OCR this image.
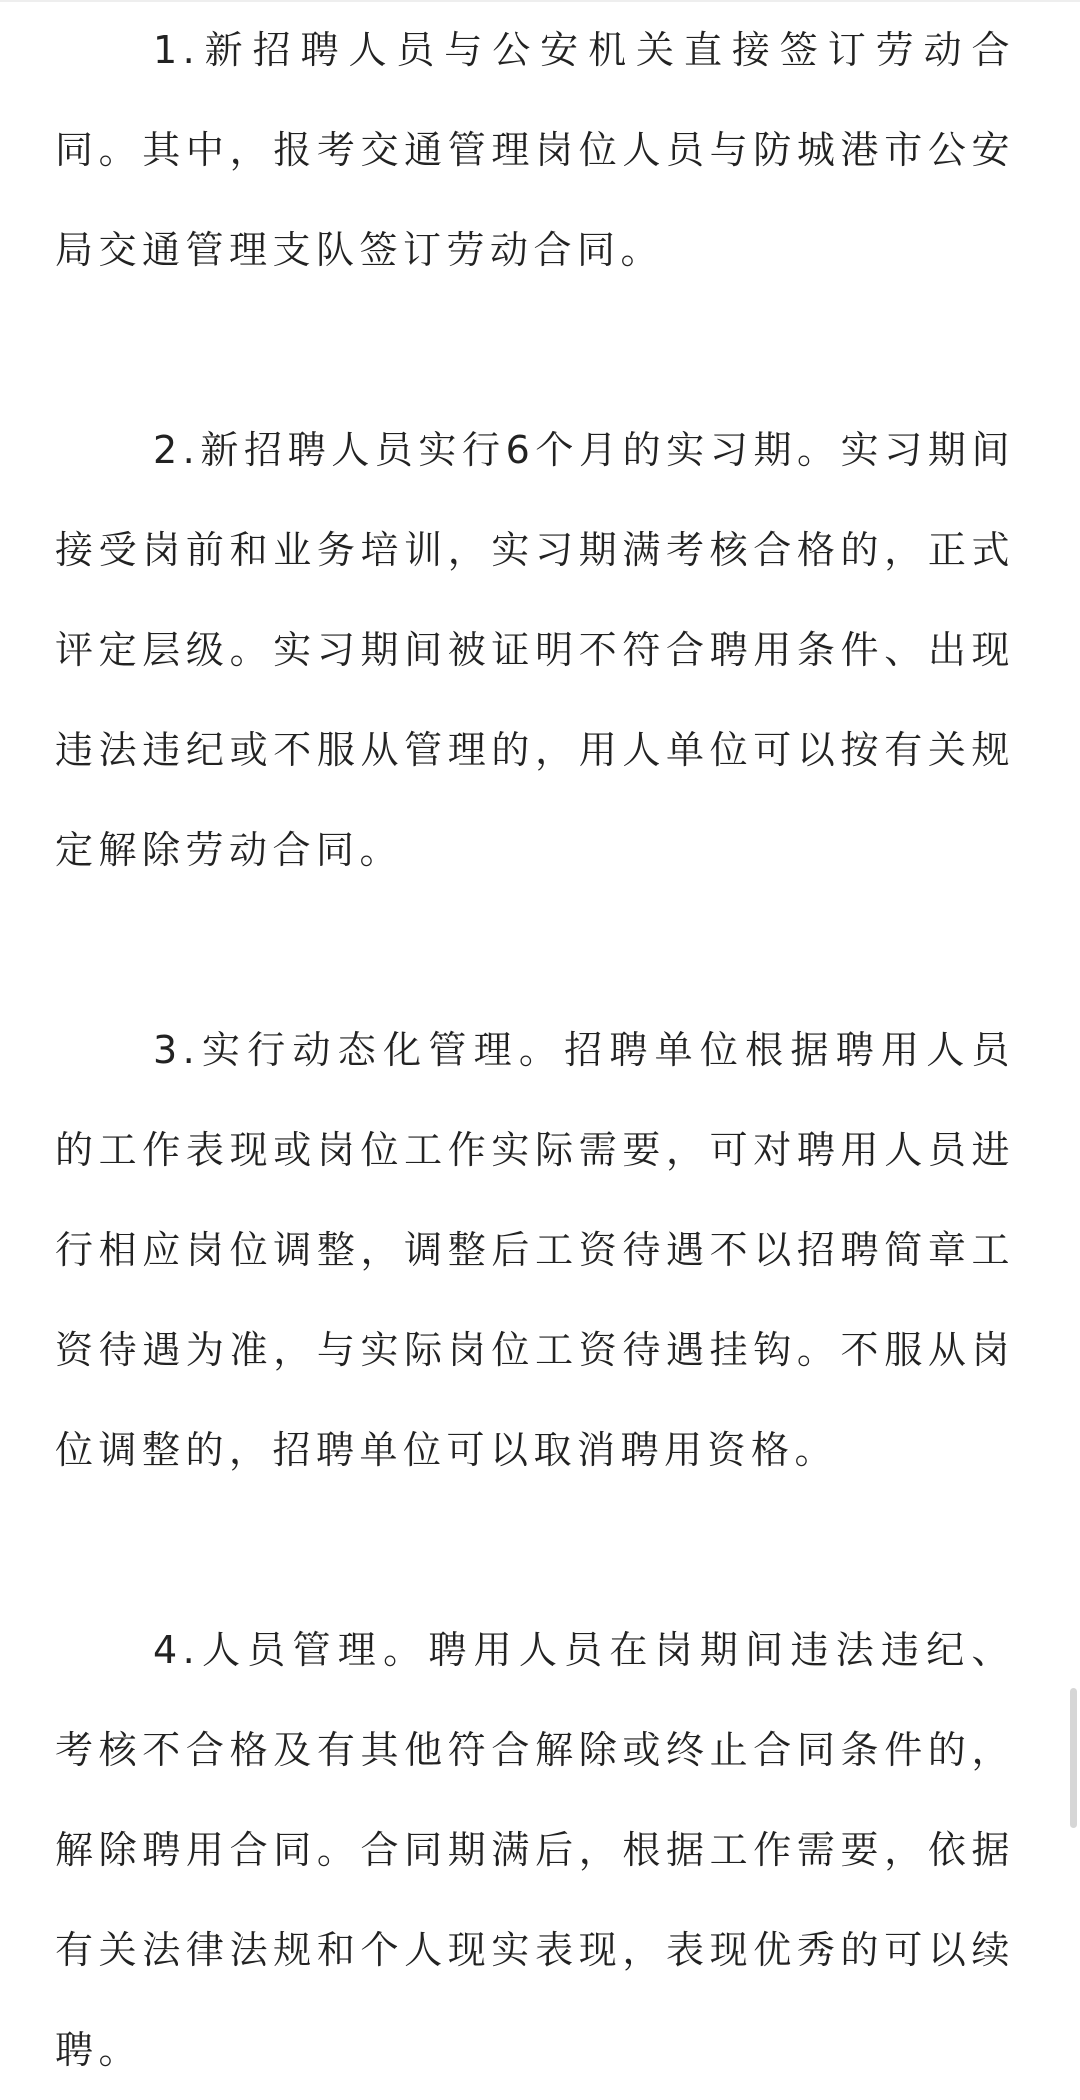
1.新招聘人员与公安机关直接签订劳动合同。其中，报考交通管理岗位人员与防城港市公安局交通管理支队签订劳动合同。

2.新招聘人员实行6个月的实习期。实习期间接受岗前和业务培训，实习期满考核合格的，正式评定层级。实习期间被证明不符合聘用条件、出现违法违纪或不服从管理的，用人单位可以按有关规定解除劳动合同。

3.实行动态化管理。招聘单位根据聘用人员的工作表现或岗位工作实际需要，可对聘用人员进行相应岗位调整，调整后工资待遇不以招聘简章工资待遇为准，与实际岗位工资待遇挂钩。不服从岗位调整的，招聘单位可以取消聘用资格。

4.人员管理。聘用人员在岗期间违法违纪、考核不合格及有其他符合解除或终止合同条件的，解除聘用合同。合同期满后，根据工作需要，依据有关法律法规和个人现实表现，表现优秀的可以续聘。
